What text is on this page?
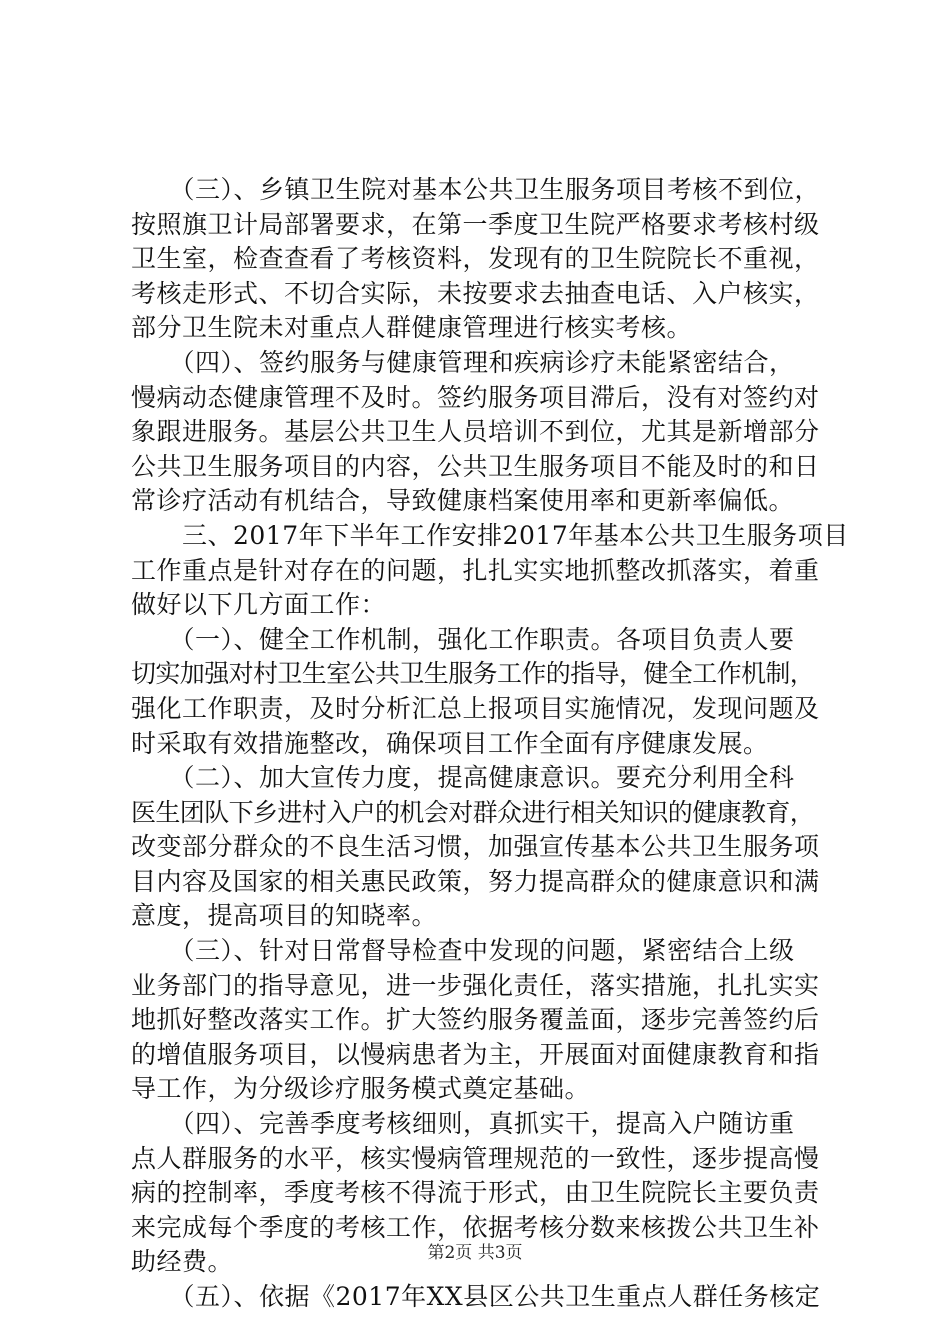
　　（三）、乡镇卫生院对基本公共卫生服务项目考核不到位，
按照旗卫计局部署要求，在第一季度卫生院严格要求考核村级
卫生室，检查查看了考核资料，发现有的卫生院院长不重视，
考核走形式、不切合实际，未按要求去抽查电话、入户核实，
部分卫生院未对重点人群健康管理进行核实考核。
　　（四）、签约服务与健康管理和疾病诊疗未能紧密结合，
慢病动态健康管理不及时。签约服务项目滞后，没有对签约对
象跟进服务。基层公共卫生人员培训不到位，尤其是新增部分
公共卫生服务项目的内容，公共卫生服务项目不能及时的和日
常诊疗活动有机结合，导致健康档案使用率和更新率偏低。
　　三、2017年下半年工作安排2017年基本公共卫生服务项目
工作重点是针对存在的问题，扎扎实实地抓整改抓落实，着重
做好以下几方面工作：
　　（一）、健全工作机制，强化工作职责。各项目负责人要
切实加强对村卫生室公共卫生服务工作的指导，健全工作机制，
强化工作职责，及时分析汇总上报项目实施情况，发现问题及
时采取有效措施整改，确保项目工作全面有序健康发展。
　　（二）、加大宣传力度，提高健康意识。要充分利用全科
医生团队下乡进村入户的机会对群众进行相关知识的健康教育，
改变部分群众的不良生活习惯，加强宣传基本公共卫生服务项
目内容及国家的相关惠民政策，努力提高群众的健康意识和满
意度，提高项目的知晓率。
　　（三）、针对日常督导检查中发现的问题，紧密结合上级
业务部门的指导意见，进一步强化责任，落实措施，扎扎实实
地抓好整改落实工作。扩大签约服务覆盖面，逐步完善签约后
的增值服务项目，以慢病患者为主，开展面对面健康教育和指
导工作，为分级诊疗服务模式奠定基础。
　　（四）、完善季度考核细则，真抓实干，提高入户随访重
点人群服务的水平，核实慢病管理规范的一致性，逐步提高慢
病的控制率，季度考核不得流于形式，由卫生院院长主要负责
来完成每个季度的考核工作，依据考核分数来核拨公共卫生补
助经费。
　　（五）、依据《2017年XX县区公共卫生重点人群任务核定
第2页 共3页
